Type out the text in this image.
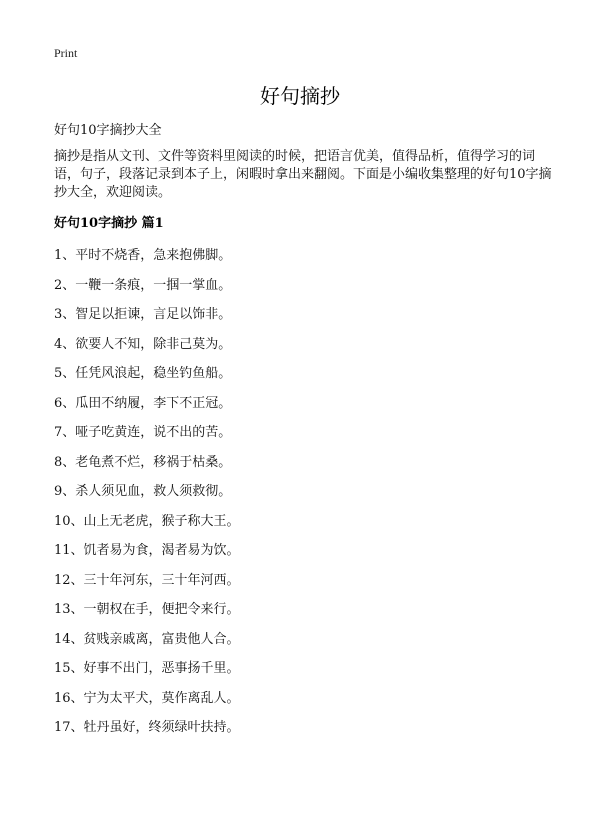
Print
好句摘抄
好句10字摘抄大全

摘抄是指从文刊、文件等资料里阅读的时候，把语言优美，值得品析，值得学习的词语，句子，段落记录到本子上，闲暇时拿出来翻阅。下面是小编收集整理的好句10字摘抄大全，欢迎阅读。

好句10字摘抄 篇1
1、平时不烧香，急来抱佛脚。
2、一鞭一条痕，一掴一掌血。
3、智足以拒谏，言足以饰非。
4、欲要人不知，除非己莫为。
5、任凭风浪起，稳坐钓鱼船。
6、瓜田不纳履，李下不正冠。
7、哑子吃黄连，说不出的苦。
8、老龟煮不烂，移祸于枯桑。
9、杀人须见血，救人须救彻。
10、山上无老虎，猴子称大王。
11、饥者易为食，渴者易为饮。
12、三十年河东，三十年河西。
13、一朝权在手，便把令来行。
14、贫贱亲戚离，富贵他人合。
15、好事不出门，恶事扬千里。
16、宁为太平犬，莫作离乱人。
17、牡丹虽好，终须绿叶扶持。
